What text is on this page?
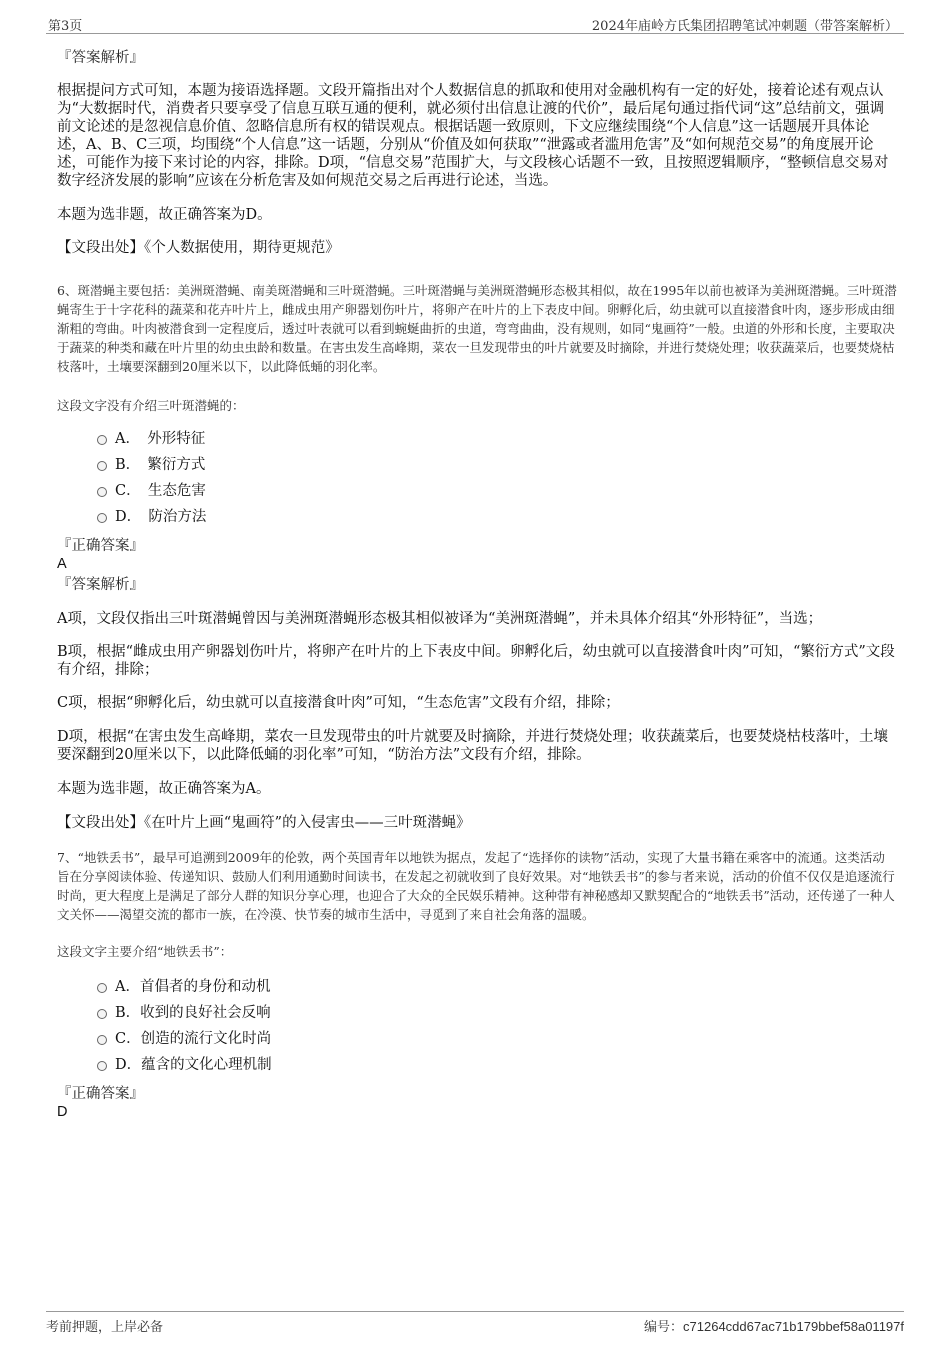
第3页	2024年庙岭方氏集团招聘笔试冲刺题（带答案解析）
『答案解析』
根据提问方式可知，本题为接语选择题。文段开篇指出对个人数据信息的抓取和使用对金融机构有一定的好处，接着论述有观点认为“大数据时代，消费者只要享受了信息互联互通的便利，就必须付出信息让渡的代价”，最后尾句通过指代词“这”总结前文，强调前文论述的是忽视信息价值、忽略信息所有权的错误观点。根据话题一致原则，下文应继续围绕“个人信息”这一话题展开具体论述，A、B、C三项，均围绕“个人信息”这一话题，分别从“价值及如何获取”“泄露或者滥用危害”及“如何规范交易”的角度展开论述，可能作为接下来讨论的内容，排除。D项，“信息交易”范围扩大，与文段核心话题不一致，且按照逻辑顺序，“整顿信息交易对数字经济发展的影响”应该在分析危害及如何规范交易之后再进行论述，当选。
本题为选非题，故正确答案为D。
【文段出处】《个人数据使用，期待更规范》
6、斑潜蝇主要包括：美洲斑潜蝇、南美斑潜蝇和三叶斑潜蝇。三叶斑潜蝇与美洲斑潜蝇形态极其相似，故在1995年以前也被译为美洲斑潜蝇。三叶斑潜蝇寄生于十字花科的蔬菜和花卉叶片上，雌成虫用产卵器划伤叶片，将卵产在叶片的上下表皮中间。卵孵化后，幼虫就可以直接潜食叶肉，逐步形成由细渐粗的弯曲。叶肉被潜食到一定程度后，透过叶表就可以看到蜿蜒曲折的虫道，弯弯曲曲，没有规则，如同“鬼画符”一般。虫道的外形和长度，主要取决于蔬菜的种类和藏在叶片里的幼虫虫龄和数量。在害虫发生高峰期，菜农一旦发现带虫的叶片就要及时摘除，并进行焚烧处理；收获蔬菜后，也要焚烧枯枝落叶，土壤要深翻到20厘米以下，以此降低蛹的羽化率。
这段文字没有介绍三叶斑潜蝇的：
A．　外形特征
B．　繁衍方式
C．　生态危害
D．　防治方法
『正确答案』
A
『答案解析』
A项，文段仅指出三叶斑潜蝇曾因与美洲斑潜蝇形态极其相似被译为“美洲斑潜蝇”，并未具体介绍其“外形特征”，当选；
B项，根据“雌成虫用产卵器划伤叶片，将卵产在叶片的上下表皮中间。卵孵化后，幼虫就可以直接潜食叶肉”可知，“繁衍方式”文段有介绍，排除；
C项，根据“卵孵化后，幼虫就可以直接潜食叶肉”可知，“生态危害”文段有介绍，排除；
D项，根据“在害虫发生高峰期，菜农一旦发现带虫的叶片就要及时摘除，并进行焚烧处理；收获蔬菜后，也要焚烧枯枝落叶，土壤要深翻到20厘米以下，以此降低蛹的羽化率”可知，“防治方法”文段有介绍，排除。
本题为选非题，故正确答案为A。
【文段出处】《在叶片上画“鬼画符”的入侵害虫——三叶斑潜蝇》
7、“地铁丢书”，最早可追溯到2009年的伦敦，两个英国青年以地铁为据点，发起了“选择你的读物”活动，实现了大量书籍在乘客中的流通。这类活动旨在分享阅读体验、传递知识、鼓励人们利用通勤时间读书，在发起之初就收到了良好效果。对“地铁丢书”的参与者来说，活动的价值不仅仅是追逐流行时尚，更大程度上是满足了部分人群的知识分享心理，也迎合了大众的全民娱乐精神。这种带有神秘感却又默契配合的“地铁丢书”活动，还传递了一种人文关怀——渴望交流的都市一族，在冷漠、快节奏的城市生活中，寻觅到了来自社会角落的温暖。
这段文字主要介绍“地铁丢书”：
A．首倡者的身份和动机
B．收到的良好社会反响
C．创造的流行文化时尚
D．蕴含的文化心理机制
『正确答案』
D
考前押题，上岸必备	编号：c71264cdd67ac71b179bbef58a01197f
